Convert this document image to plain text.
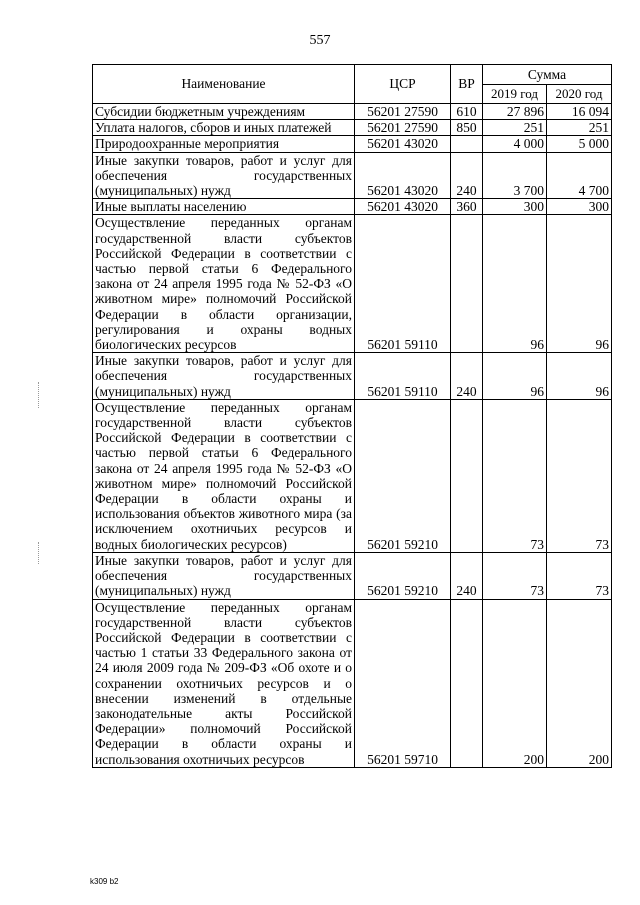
557
Наименование	ЦСР	ВР	Сумма	
			2019 год	2020 год
Субсидии бюджетным учреждениям	56201 27590	610	27 896	16 094
Уплата налогов, сборов и иных платежей	56201 27590	850	251	251
Природоохранные мероприятия	56201 43020		4 000	5 000
Иные закупки товаров, работ и услуг для обеспечения государственных (муниципальных) нужд	56201 43020	240	3 700	4 700
Иные выплаты населению	56201 43020	360	300	300
Осуществление переданных органам государственной власти субъектов Российской Федерации в соответствии с частью первой статьи 6 Федерального закона от 24 апреля 1995 года № 52-ФЗ «О животном мире» полномочий Российской Федерации в области организации, регулирования и охраны водных биологических ресурсов	56201 59110		96	96
Иные закупки товаров, работ и услуг для обеспечения государственных (муниципальных) нужд	56201 59110	240	96	96
Осуществление переданных органам государственной власти субъектов Российской Федерации в соответствии с частью первой статьи 6 Федерального закона от 24 апреля 1995 года № 52-ФЗ «О животном мире» полномочий Российской Федерации в области охраны и использования объектов животного мира (за исключением охотничьих ресурсов и водных биологических ресурсов)	56201 59210		73	73
Иные закупки товаров, работ и услуг для обеспечения государственных (муниципальных) нужд	56201 59210	240	73	73
Осуществление переданных органам государственной власти субъектов Российской Федерации в соответствии с частью 1 статьи 33 Федерального закона от 24 июля 2009 года № 209-ФЗ «Об охоте и о сохранении охотничьих ресурсов и о внесении изменений в отдельные законодательные акты Российской Федерации» полномочий Российской Федерации в области охраны и использования охотничьих ресурсов	56201 59710		200	200
k309 b2
